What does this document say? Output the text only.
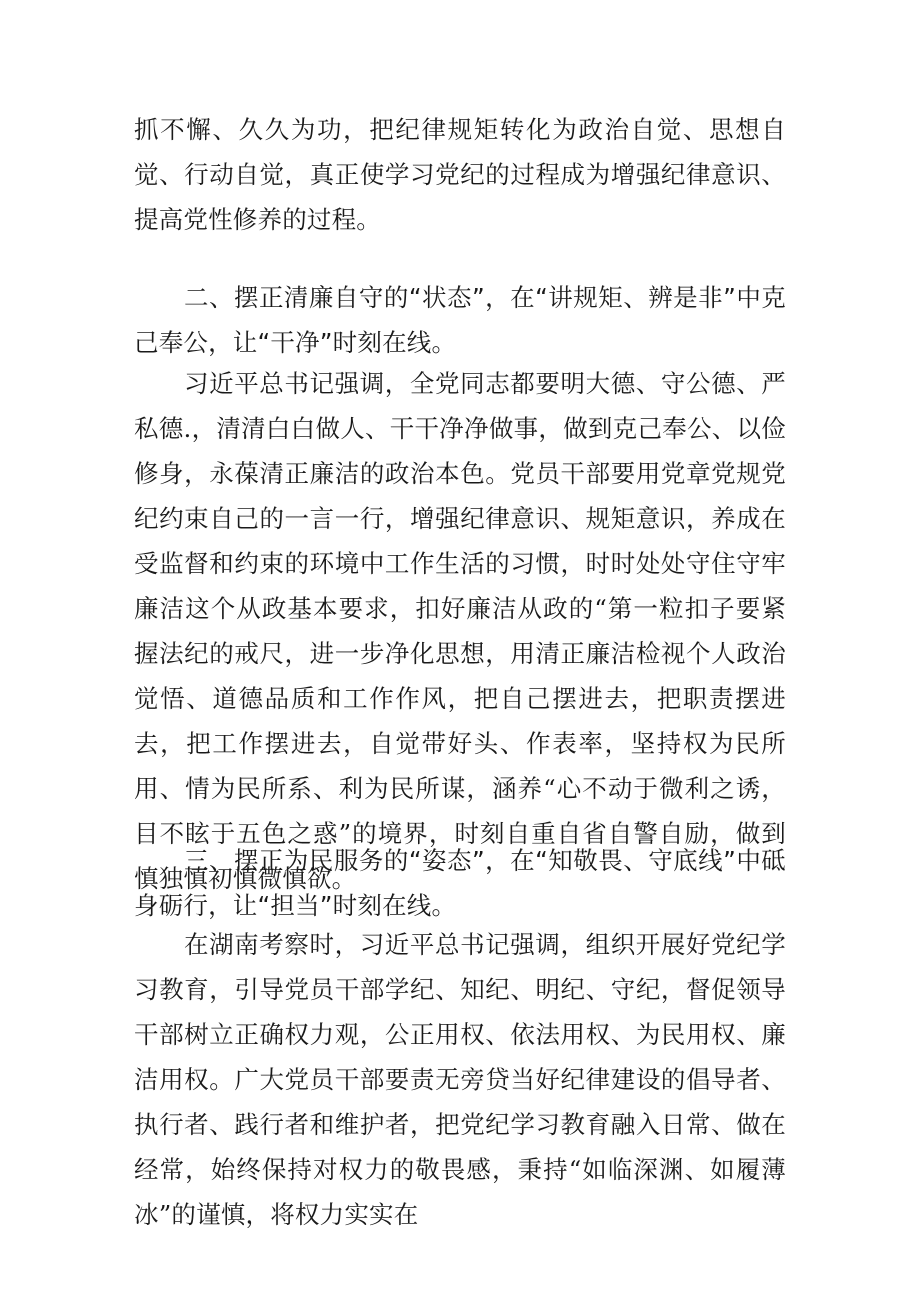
抓不懈、久久为功，把纪律规矩转化为政治自觉、思想自觉、行动自觉，真正使学习党纪的过程成为增强纪律意识、提高党性修养的过程。

二、摆正清廉自守的“状态”，在“讲规矩、辨是非”中克己奉公，让“干净”时刻在线。

习近平总书记强调，全党同志都要明大德、守公德、严私德.，清清白白做人、干干净净做事，做到克己奉公、以俭修身，永葆清正廉洁的政治本色。党员干部要用党章党规党纪约束自己的一言一行，增强纪律意识、规矩意识，养成在受监督和约束的环境中工作生活的习惯，时时处处守住守牢廉洁这个从政基本要求，扣好廉洁从政的“第一粒扣子要紧握法纪的戒尺，进一步净化思想，用清正廉洁检视个人政治觉悟、道德品质和工作作风，把自己摆进去，把职责摆进去，把工作摆进去，自觉带好头、作表率，坚持权为民所用、情为民所系、利为民所谋，涵养“心不动于微利之诱，目不眩于五色之惑”的境界，时刻自重自省自警自励，做到慎独慎初慎微慎欲。

三、摆正为民服务的“姿态”，在“知敬畏、守底线”中砥身砺行，让“担当”时刻在线。

在湖南考察时，习近平总书记强调，组织开展好党纪学习教育，引导党员干部学纪、知纪、明纪、守纪，督促领导干部树立正确权力观，公正用权、依法用权、为民用权、廉洁用权。广大党员干部要责无旁贷当好纪律建设的倡导者、执行者、践行者和维护者，把党纪学习教育融入日常、做在经常，始终保持对权力的敬畏感，秉持“如临深渊、如履薄冰”的谨慎，将权力实实在
